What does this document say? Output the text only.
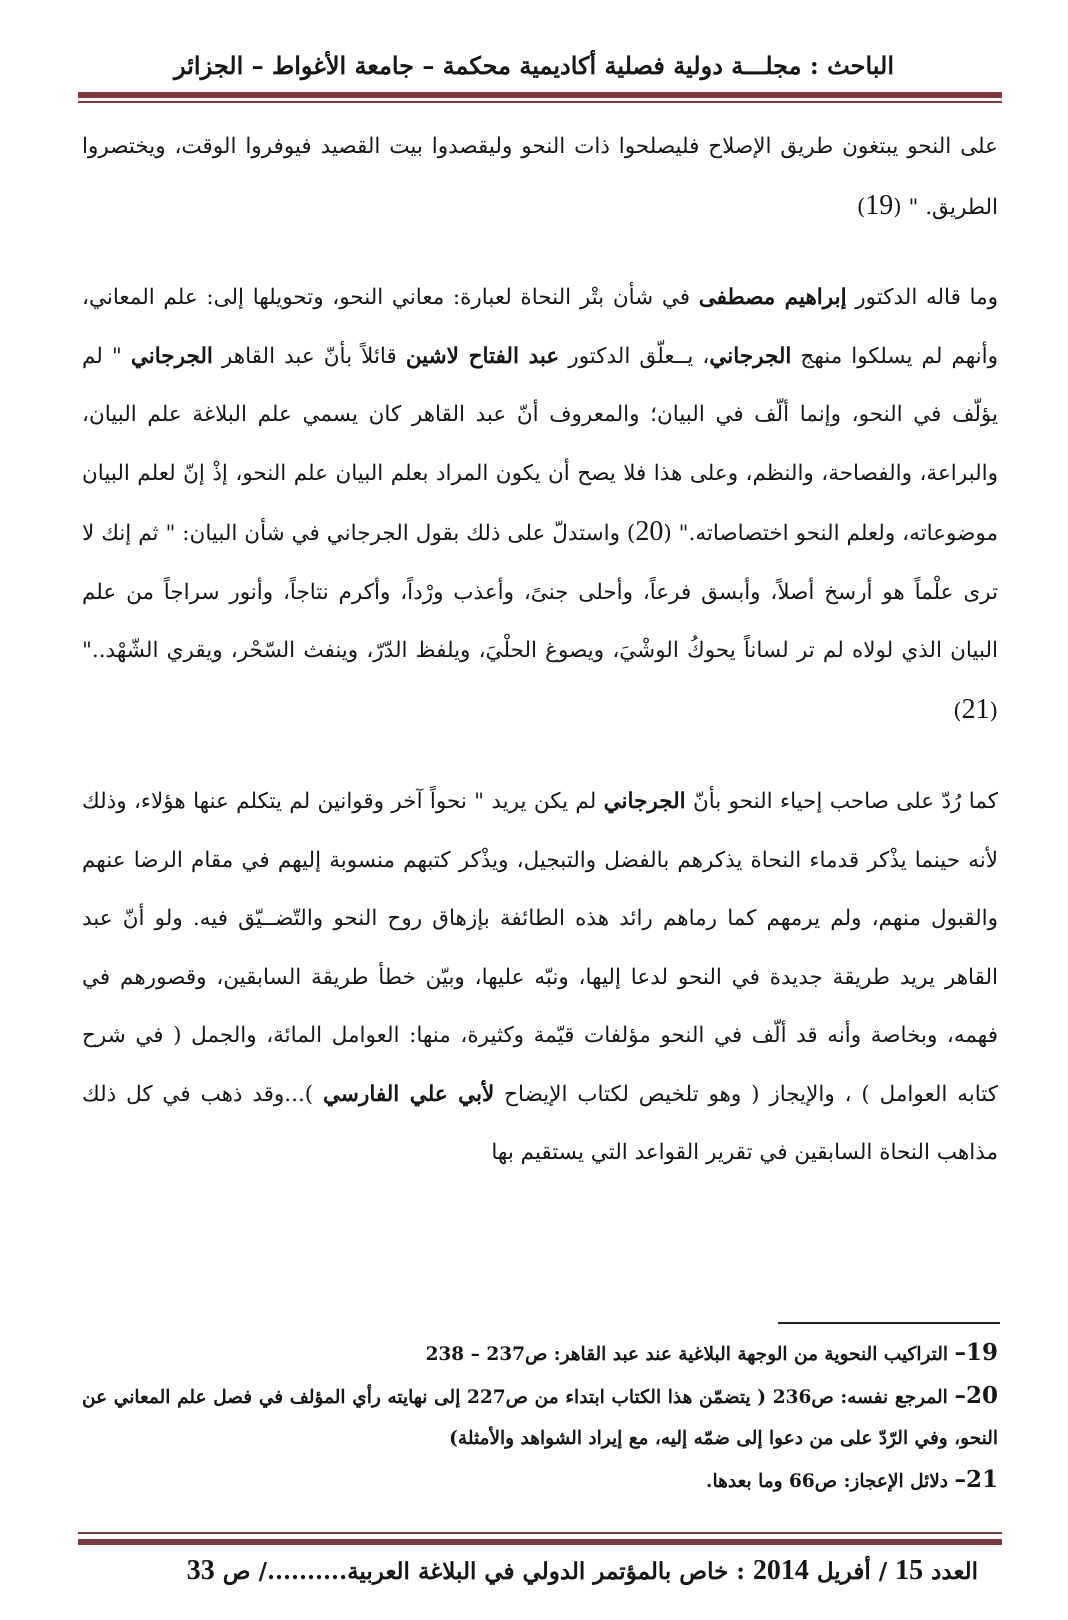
الباحث : مجلـــة دولية فصلية أكاديمية محكمة – جامعة الأغواط – الجزائر

على النحو يبتغون طريق الإصلاح فليصلحوا ذات النحو وليقصدوا بيت القصيد فيوفروا الوقت، ويختصروا الطريق. " (19)

وما قاله الدكتور إبراهيم مصطفى في شأن بتْر النحاة لعبارة: معاني النحو، وتحويلها إلى: علم المعاني، وأنهم لم يسلكوا منهج الجرجاني، يــعلّق الدكتور عبد الفتاح لاشين قائلاً بأنّ عبد القاهر الجرجاني " لم يؤلّف في النحو، وإنما ألّف في البيان؛ والمعروف أنّ عبد القاهر كان يسمي علم البلاغة علم البيان، والبراعة، والفصاحة، والنظم، وعلى هذا فلا يصح أن يكون المراد بعلم البيان علم النحو، إذْ إنّ لعلم البيان موضوعاته، ولعلم النحو اختصاصاته." (20) واستدلّ على ذلك بقول الجرجاني في شأن البيان: " ثم إنك لا ترى علْماً هو أرسخ أصلاً، وأبسق فرعاً، وأحلى جنىً، وأعذب ورْداً، وأكرم نتاجاً، وأنور سراجاً من علم البيان الذي لولاه لم تر لساناً يحوكُ الوشْيَ، ويصوغ الحلْيَ، ويلفظ الدّرّ، وينفث السّحْر، ويقري الشّهْد.." (21)

كما رُدّ على صاحب إحياء النحو بأنّ الجرجاني لم يكن يريد " نحواً آخر وقوانين لم يتكلم عنها هؤلاء، وذلك لأنه حينما يذْكر قدماء النحاة يذكرهم بالفضل والتبجيل، ويذْكر كتبهم منسوبة إليهم في مقام الرضا عنهم والقبول منهم، ولم يرمهم كما رماهم رائد هذه الطائفة بإزهاق روح النحو والتّضــيّق فيه. ولو أنّ عبد القاهر يريد طريقة جديدة في النحو لدعا إليها، ونبّه عليها، وبيّن خطأ طريقة السابقين، وقصورهم في فهمه، وبخاصة وأنه قد ألّف في النحو مؤلفات قيّمة وكثيرة، منها: العوامل المائة، والجمل ( في شرح كتابه العوامل ) ، والإيجاز ( وهو تلخيص لكتاب الإيضاح لأبي علي الفارسي )...وقد ذهب في كل ذلك مذاهب النحاة السابقين في تقرير القواعد التي يستقيم بها

19– التراكيب النحوية من الوجهة البلاغية عند عبد القاهر: ص237 – 238

20– المرجع نفسه: ص236 ( يتضمّن هذا الكتاب ابتداء من ص227 إلى نهايته رأي المؤلف في فصل علم المعاني عن النحو، وفي الرّدّ على من دعوا إلى ضمّه إليه، مع إيراد الشواهد والأمثلة)

21– دلائل الإعجاز: ص66 وما بعدها.

العدد 15 / أفريل 2014 : خاص بالمؤتمر الدولي في البلاغة العربية........../ ص 33
